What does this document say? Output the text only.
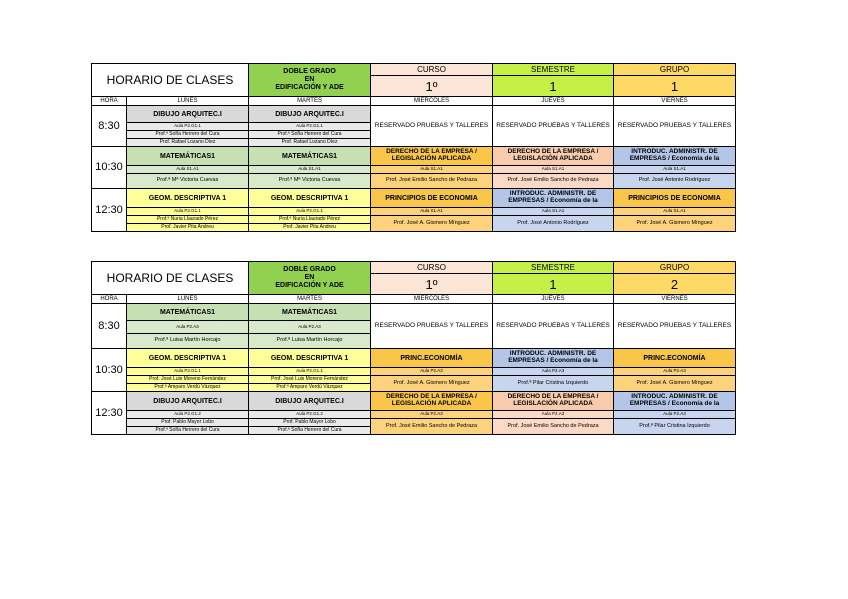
HORARIO DE CLASES		DOBLE GRADO
EN
EDIFICACIÓN Y ADE	CURSO	SEMESTRE	GRUPO
			1º	1	1
HORA	LUNES	MARTES	MIERCOLES	JUEVES	VIERNES
8:30	DIBUJO ARQUITEC.I	DIBUJO ARQUITEC.I	RESERVADO PRUEBAS Y TALLERES	RESERVADO PRUEBAS Y TALLERES	RESERVADO PRUEBAS Y TALLERES
	Aula P2.G1.1	Aula P2.G1.1			
	Prof.ª Sofía Herrero del Cura	Prof.ª Sofía Herrero del Cura			
	Prof. Rafael Lozano Díez	Prof. Rafael Lozano Díez			
10:30	MATEMÁTICAS1	MATEMÁTICAS1	DERECHO DE LA EMPRESA / LEGISLACIÓN APLICADA	DERECHO DE LA EMPRESA / LEGISLACIÓN APLICADA	INTRODUC. ADMINISTR. DE EMPRESAS / Economía de la
	Aula S1.A1	Aula S1.A1	Aula S1.A1	Aula S1.A1	Aula S1.A1
	Prof.ª Mª Victoria Cuevas	Prof.ª Mª Victoria Cuevas	Prof. José Emilio Sancho de Pedraza	Prof. José Emilio Sancho de Pedraza	Prof. José Antonio Rodríguez
12:30	GEOM. DESCRIPTIVA 1	GEOM. DESCRIPTIVA 1	PRINCIPIOS DE ECONOMIA	INTRODUC. ADMINISTR. DE EMPRESAS / Economía de la	PRINCIPIOS DE ECONOMIA
	Aula P2.G1.1	Aula P2.G1.1	Aula S1.A1	Aula S1.A1	Aula S1.A1
	Prof.ª Nuria Llaurado Pérez	Prof.ª Nuria Llaurado Pérez	Prof. José A. Gismero Mínguez	Prof. José Antonio Rodríguez	Prof. José A. Gismero Mínguez
	Prof. Javier Pita Andreu	Prof. Javier Pita Andreu			
HORARIO DE CLASES		DOBLE GRADO
EN
EDIFICACIÓN Y ADE	CURSO	SEMESTRE	GRUPO
			1º	1	2
HORA	LUNES	MARTES	MIERCOLES	JUEVES	VIERNES
8:30	MATEMÁTICAS1	MATEMÁTICAS1	RESERVADO PRUEBAS Y TALLERES	RESERVADO PRUEBAS Y TALLERES	RESERVADO PRUEBAS Y TALLERES
	Aula P2.A3	Aula P2.A3			
	Prof.ª Luisa Martín Horcajo	Prof.ª Luisa Martín Horcajo			
10:30	GEOM. DESCRIPTIVA 1	GEOM. DESCRIPTIVA 1	PRINC.ECONOMÍA	INTRODUC. ADMINISTR. DE EMPRESAS / Economía de la	PRINC.ECONOMÍA
	Aula P2.G1.1	Aula P2.G1.1	Aula P2.A3	Aula P2.A3	Aula P2.A3
	Prof. José Luis Moreno Fernández	Prof. José Luis Moreno Fernández	Prof. José A. Gismero Mínguez	Prof.ª Pilar Cristina Izquierdo	Prof. José A. Gismero Mínguez
	Prof.ª Amparo Verdú Vázquez	Prof.ª Amparo Verdú Vázquez			
12:30	DIBUJO ARQUITEC.I	DIBUJO ARQUITEC.I	DERECHO DE LA EMPRESA / LEGISLACIÓN APLICADA	DERECHO DE LA EMPRESA / LEGISLACIÓN APLICADA	INTRODUC. ADMINISTR. DE EMPRESAS / Economía de la
	Aula P2.G1.2	Aula P2.G1.2	Aula P2.A3	Aula P2.A3	Aula P2.A3
	Prof. Pablo Mayor Lobo	Prof. Pablo Mayor Lobo	Prof. José Emilio Sancho de Pedraza	Prof. José Emilio Sancho de Pedraza	Prof.ª Pilar Cristina Izquierdo
	Prof.ª Sofía Herrero del Cura	Prof.ª Sofía Herrero del Cura			
